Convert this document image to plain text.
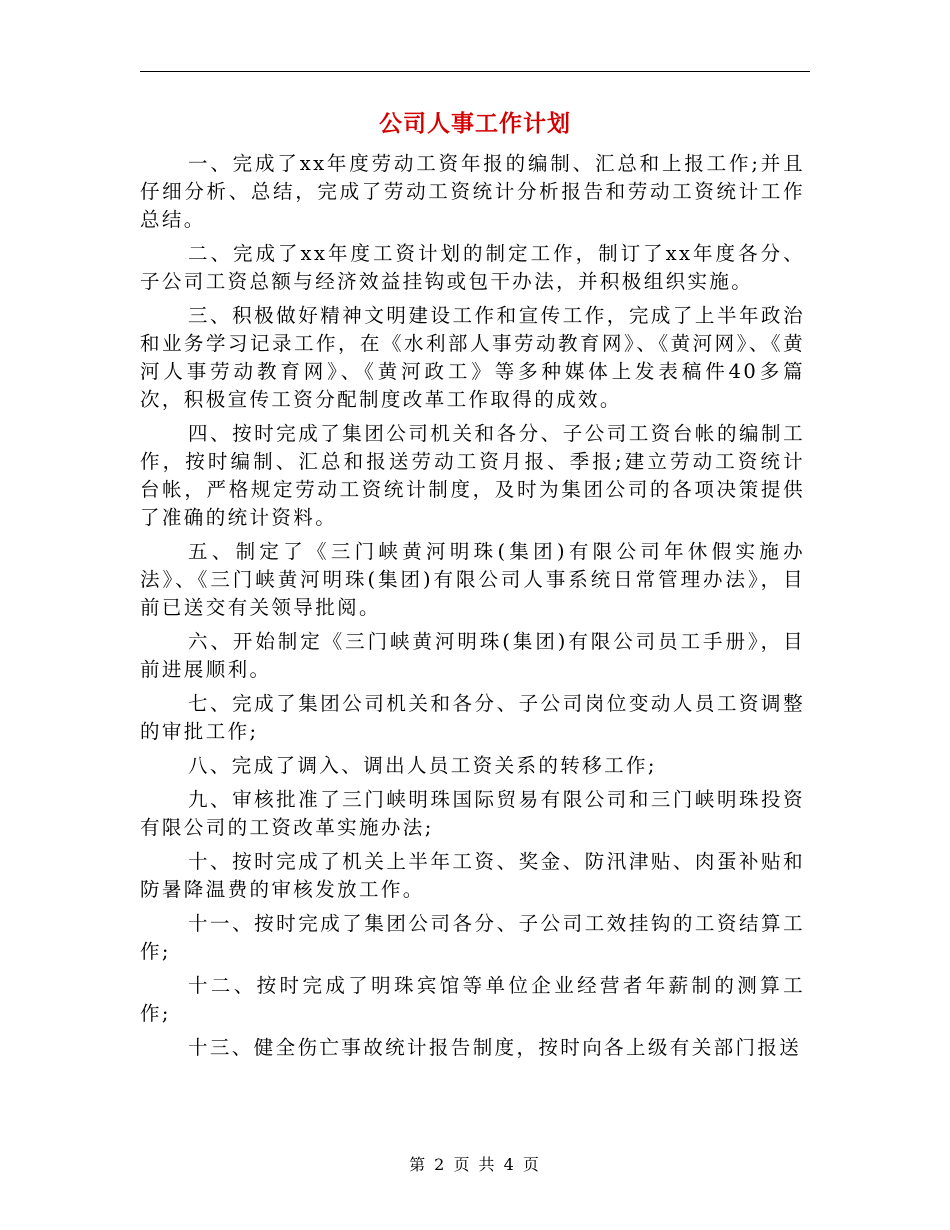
公司人事工作计划

一、完成了xx年度劳动工资年报的编制、汇总和上报工作;并且仔细分析、总结，完成了劳动工资统计分析报告和劳动工资统计工作总结。

二、完成了xx年度工资计划的制定工作，制订了xx年度各分、子公司工资总额与经济效益挂钩或包干办法，并积极组织实施。

三、积极做好精神文明建设工作和宣传工作，完成了上半年政治和业务学习记录工作，在《水利部人事劳动教育网》、《黄河网》、《黄河人事劳动教育网》、《黄河政工》等多种媒体上发表稿件40多篇次，积极宣传工资分配制度改革工作取得的成效。

四、按时完成了集团公司机关和各分、子公司工资台帐的编制工作，按时编制、汇总和报送劳动工资月报、季报;建立劳动工资统计台帐，严格规定劳动工资统计制度，及时为集团公司的各项决策提供了准确的统计资料。

五、制定了《三门峡黄河明珠(集团)有限公司年休假实施办法》、《三门峡黄河明珠(集团)有限公司人事系统日常管理办法》，目前已送交有关领导批阅。

六、开始制定《三门峡黄河明珠(集团)有限公司员工手册》，目前进展顺利。

七、完成了集团公司机关和各分、子公司岗位变动人员工资调整的审批工作;

八、完成了调入、调出人员工资关系的转移工作;

九、审核批准了三门峡明珠国际贸易有限公司和三门峡明珠投资有限公司的工资改革实施办法;

十、按时完成了机关上半年工资、奖金、防汛津贴、肉蛋补贴和防暑降温费的审核发放工作。

十一、按时完成了集团公司各分、子公司工效挂钩的工资结算工作;

十二、按时完成了明珠宾馆等单位企业经营者年薪制的测算工作;

十三、健全伤亡事故统计报告制度，按时向各上级有关部门报送

第 2 页 共 4 页
